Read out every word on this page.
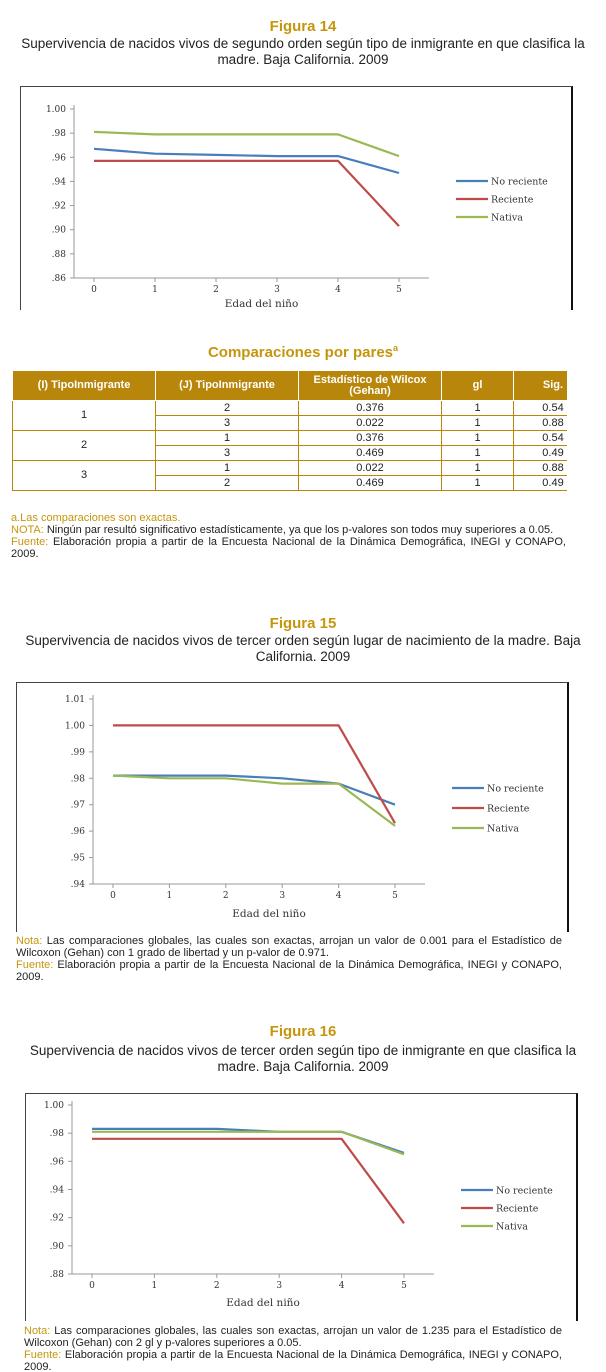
Figura 14
Supervivencia de nacidos vivos de segundo orden según tipo de inmigrante en que clasifica la madre. Baja California. 2009
1.00
.98
.96
.94
.92
.90
.88
.86
0	1	2	3	4	5
Edad del niño
No reciente
Reciente
Nativa
Comparaciones por pares$^a$
(I) TipoInmigrante	(J) TipoInmigrante	Estadístico de Wilcox (Gehan)	gl	Sig.
1	2	0.376	1	0.54
	3	0.022	1	0.88
2	1	0.376	1	0.54
	3	0.469	1	0.49
3	1	0.022	1	0.88
	2	0.469	1	0.49
a.Las comparaciones son exactas.
NOTA: Ningún par resultó significativo estadísticamente, ya que los p-valores son todos muy superiores a 0.05.
Fuente: Elaboración propia a partir de la Encuesta Nacional de la Dinámica Demográfica, INEGI y CONAPO, 2009.
Figura 15
Supervivencia de nacidos vivos de tercer orden según lugar de nacimiento de la madre. Baja California. 2009
1.01
1.00
.99
.98
.97
.96
.95
.94
0	1	2	3	4	5
Edad del niño
No reciente
Reciente
Nativa
Nota: Las comparaciones globales, las cuales son exactas, arrojan un valor de 0.001 para el Estadístico de Wilcoxon (Gehan) con 1 grado de libertad y un p-valor de 0.971.
Fuente: Elaboración propia a partir de la Encuesta Nacional de la Dinámica Demográfica, INEGI y CONAPO, 2009.
Figura 16
Supervivencia de nacidos vivos de tercer orden según tipo de inmigrante en que clasifica la madre. Baja California. 2009
1.00
.98
.96
.94
.92
.90
.88
0	1	2	3	4	5
Edad del niño
No reciente
Reciente
Nativa
Nota: Las comparaciones globales, las cuales son exactas, arrojan un valor de 1.235 para el Estadístico de Wilcoxon (Gehan) con 2 gl y p-valores superiores a 0.05.
Fuente: Elaboración propia a partir de la Encuesta Nacional de la Dinámica Demográfica, INEGI y CONAPO, 2009.
